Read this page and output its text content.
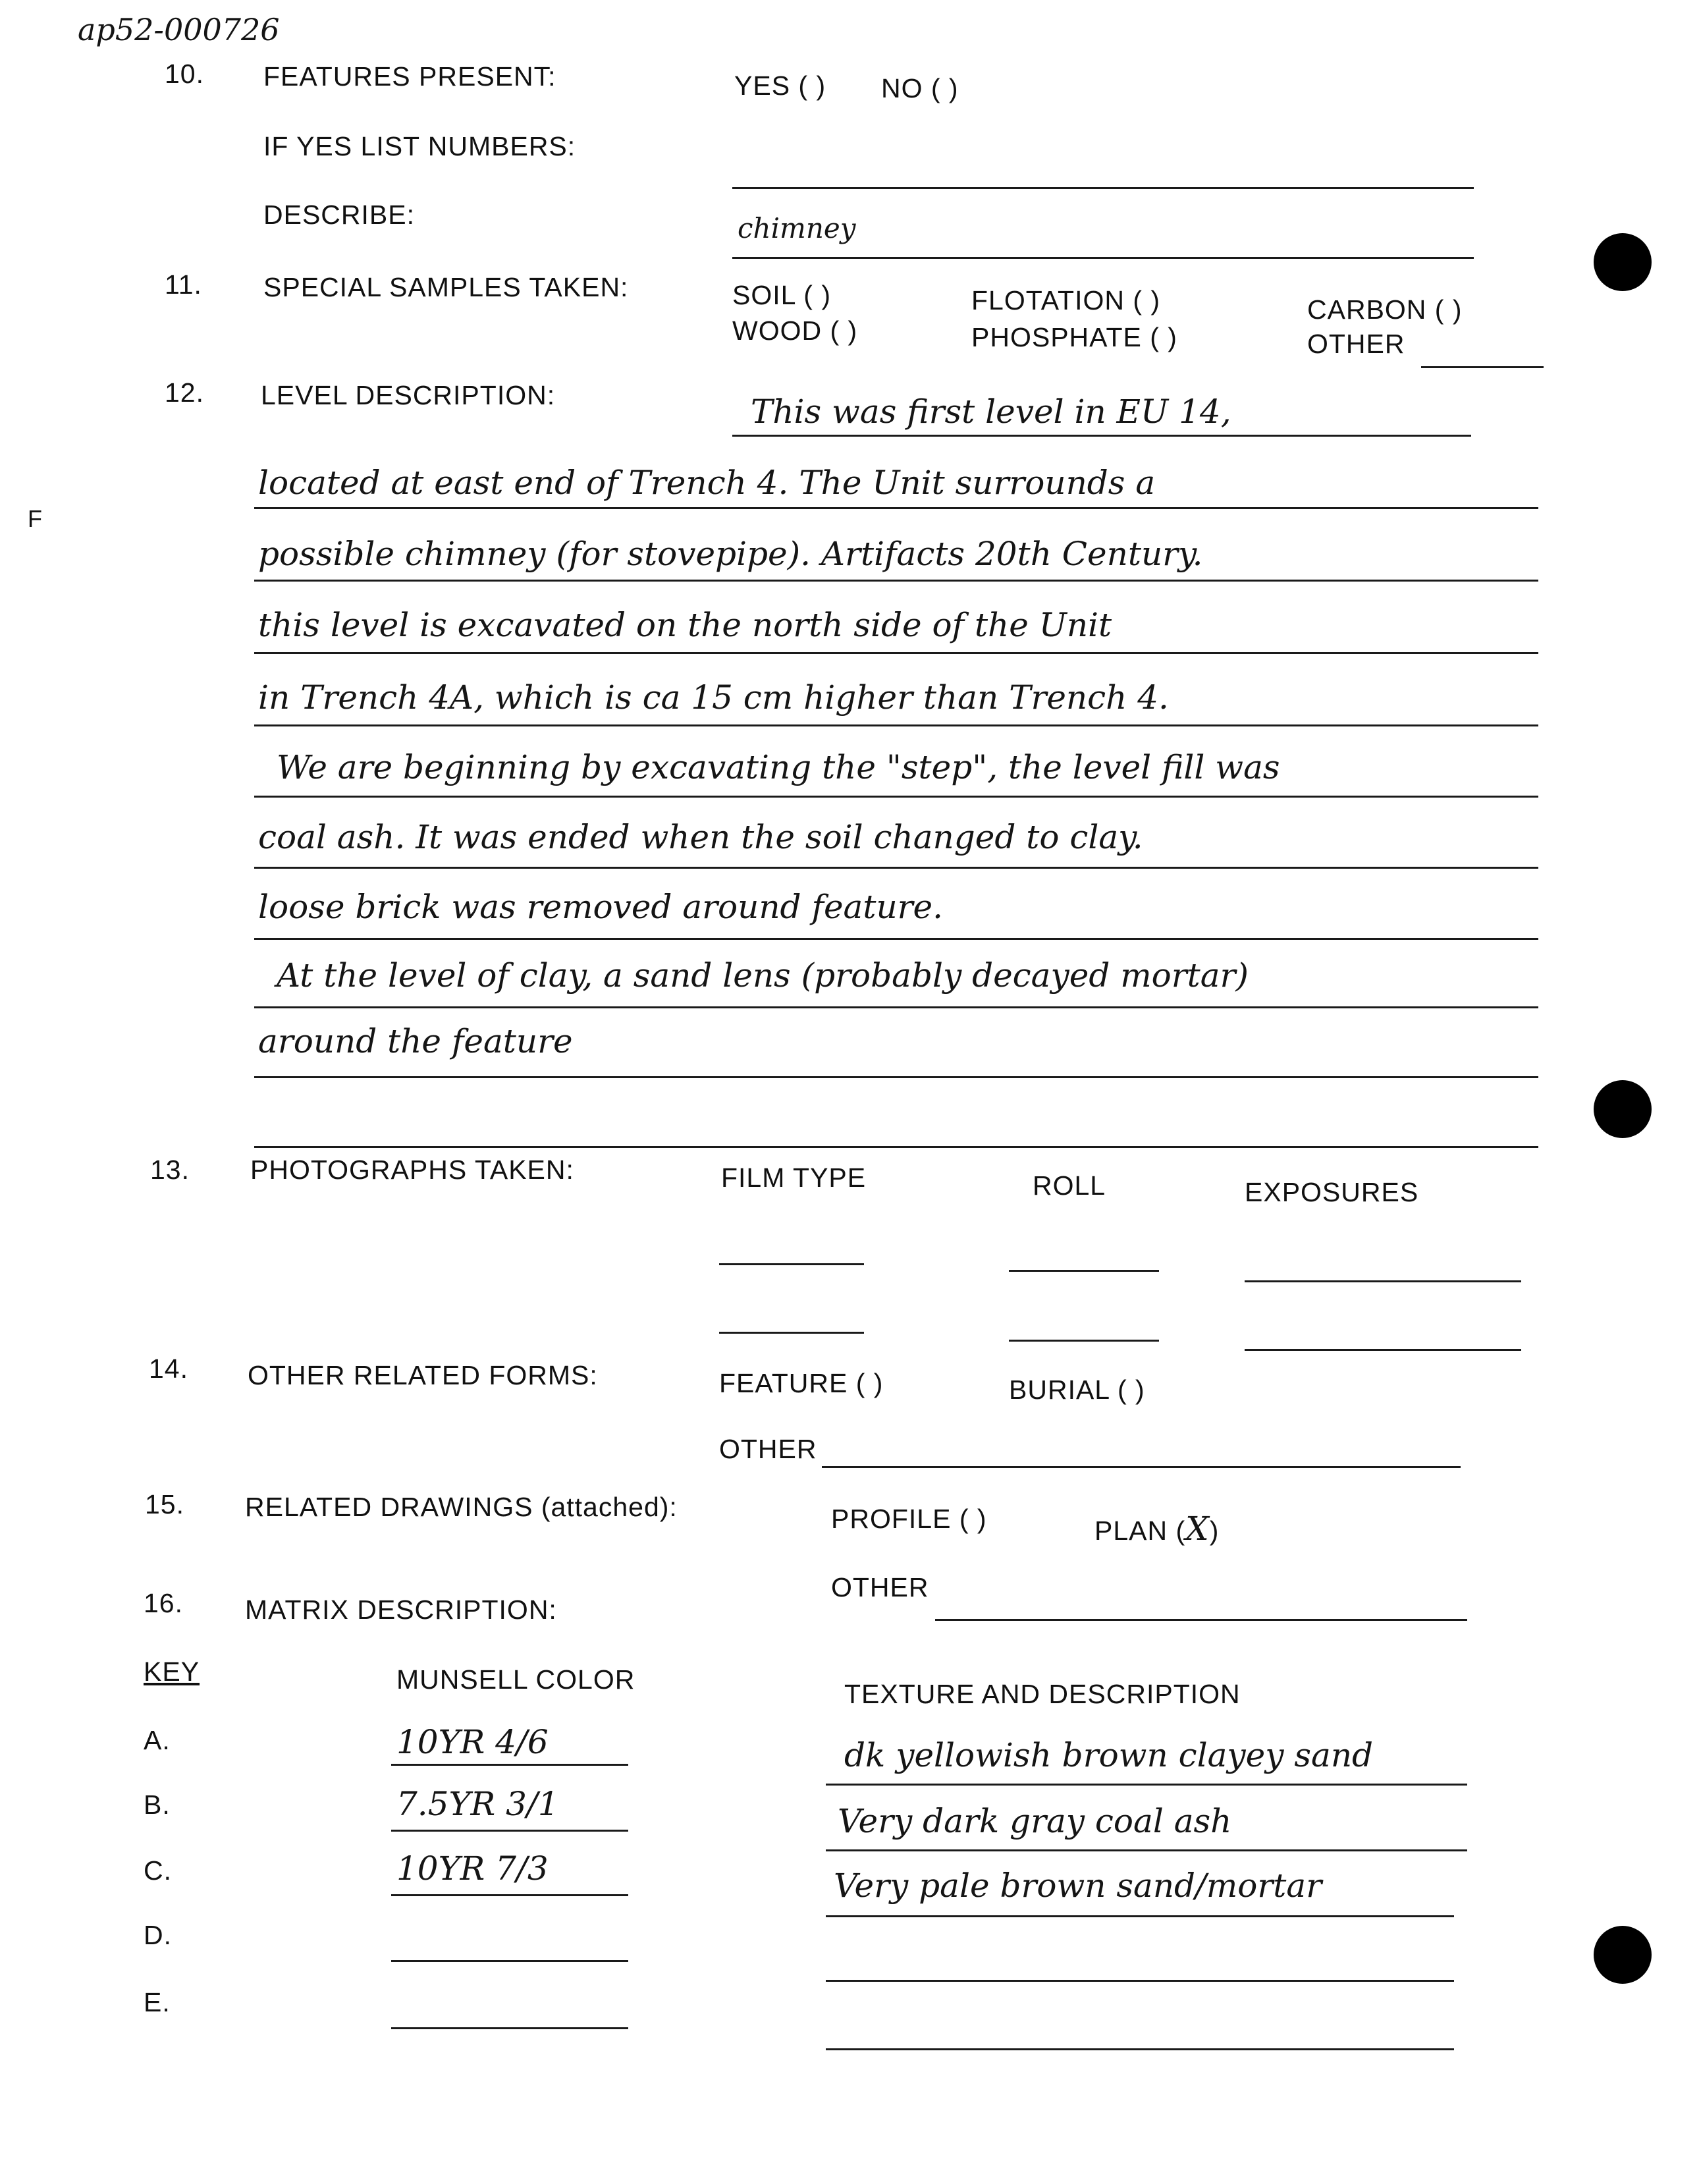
ap52-000726
F
10. FEATURES PRESENT:	YES ( ) NO ( )
IF YES LIST NUMBERS:
DESCRIBE:	chimney
11. SPECIAL SAMPLES TAKEN:	SOIL ( )
WOOD ( )
FLOTATION ( )
PHOSPHATE ( )
CARBON ( )
OTHER
12. LEVEL DESCRIPTION:	This was first level in EU 14,
located at east end of Trench 4. The Unit surrounds a
possible chimney (for stovepipe). Artifacts 20th Century.
this level is excavated on the north side of the Unit
in Trench 4A, which is ca 15 cm higher than Trench 4.
We are beginning by excavating the "step", the level fill was
coal ash. It was ended when the soil changed to clay.
loose brick was removed around feature.
At the level of clay, a sand lens (probably decayed mortar)
around the feature
13. PHOTOGRAPHS TAKEN:	FILM TYPE	ROLL	EXPOSURES
14. OTHER RELATED FORMS:	FEATURE ( )	BURIAL ( )
OTHER
15. RELATED DRAWINGS (attached):	PROFILE ( )	PLAN (X)
OTHER
16. MATRIX DESCRIPTION:
KEY	MUNSELL COLOR	TEXTURE AND DESCRIPTION
A.	10YR 4/6	dk yellowish brown clayey sand
B.	7.5YR 3/1	Very dark gray coal ash
C.	10YR 7/3	Very pale brown sand/mortar
D.
E.
